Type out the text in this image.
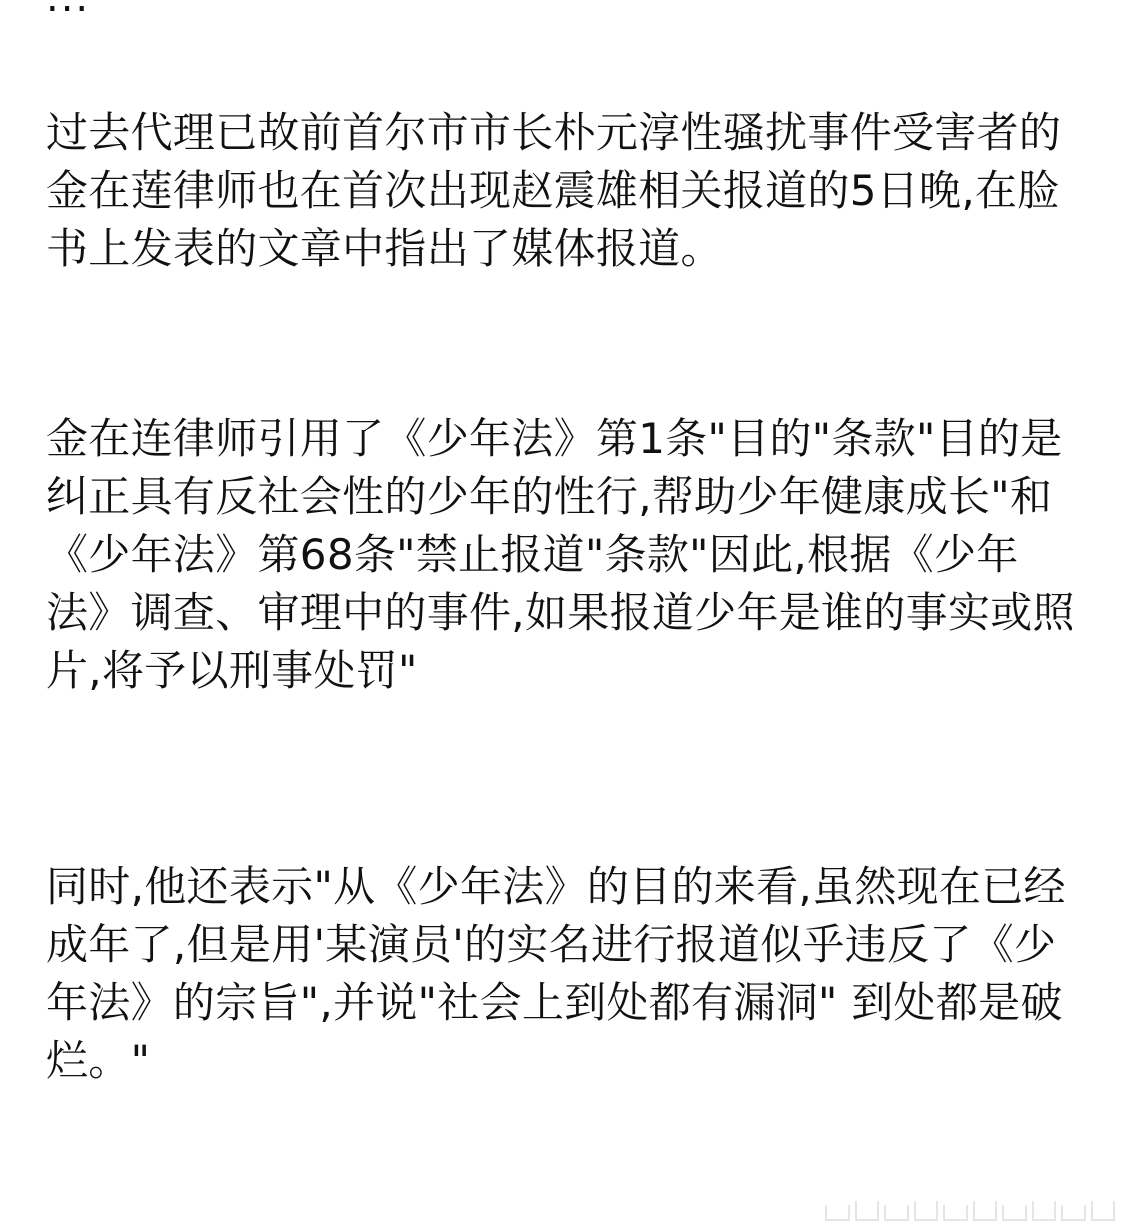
过去代理已故前首尔市市长朴元淳性骚扰事件受害者的金在莲律师也在首次出现赵震雄相关报道的5日晚,在脸书上发表的文章中指出了媒体报道。

金在连律师引用了《少年法》第1条"目的"条款"目的是纠正具有反社会性的少年的性行,帮助少年健康成长"和《少年法》第68条"禁止报道"条款"因此,根据《少年法》调查、审理中的事件,如果报道少年是谁的事实或照片,将予以刑事处罚"

同时,他还表示"从《少年法》的目的来看,虽然现在已经成年了,但是用'某演员'的实名进行报道似乎违反了《少年法》的宗旨",并说"社会上到处都有漏洞" 到处都是破烂。"
